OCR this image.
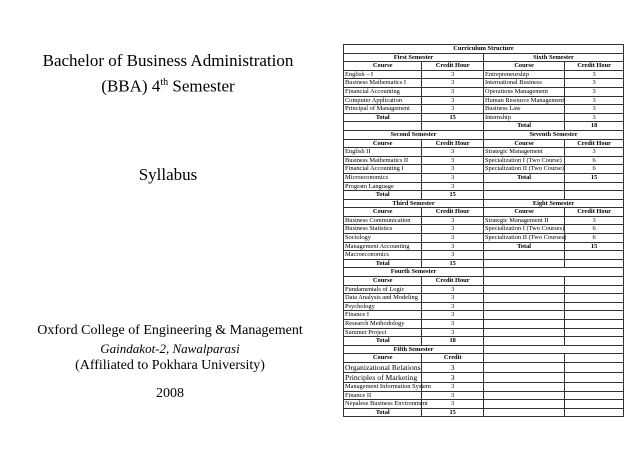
Bachelor of Business Administration
(BBA) 4th Semester
Syllabus
Oxford College of Engineering & Management
Gaindakot-2, Nawalparasi
(Affiliated to Pokhara University)
2008
Curriculum Structure			
First Semester		Sixth Semester	
Course	Credit Hour	Course	Credit Hour
English – I	3	Entrepreneurship	3
Business Mathematics I	3	International Business	3
Financial Accounting	3	Operations Management	3
Computer Application	3	Human Resource Management	3
Principal of Management	3	Business Law	3
Total	15	Internship	3
		Total	18
Second Semester		Seventh Semester	
Course	Credit Hour	Course	Credit Hour
English II	3	Strategic Management	3
Business Mathematics II	3	Specialization I (Two Course)	6
Financial Accounting I	3	Specialization II (Two Course)	6
Microeconomics	3	Total	15
Program Language	3		
Total	15		
Third Semester		Eight Semester	
Course	Credit Hour	Course	Credit Hour
Business Communication	3	Strategic Management II	3
Business Statistics	3	Specialization I (Two Courses)	6
Sociology	3	Specialization II (Two Courses)	6
Management Accounting	3	Total	15
Macroeconomics	3		
Total	15		
Fourth Semester			
Course	Credit Hour		
Fundamentals of Logic	3		
Data Analysis and Modeling	3		
Psychology	3		
Finance I	3		
Research Methodology	3		
Summer Project	3		
Total	18		
Fifth Semester			
Course	Credit		
Organizational Relations	3		
Principles of Marketing	3		
Management Information System	3		
Finance II	3		
Nepalese Business Environment	3		
Total	15		
